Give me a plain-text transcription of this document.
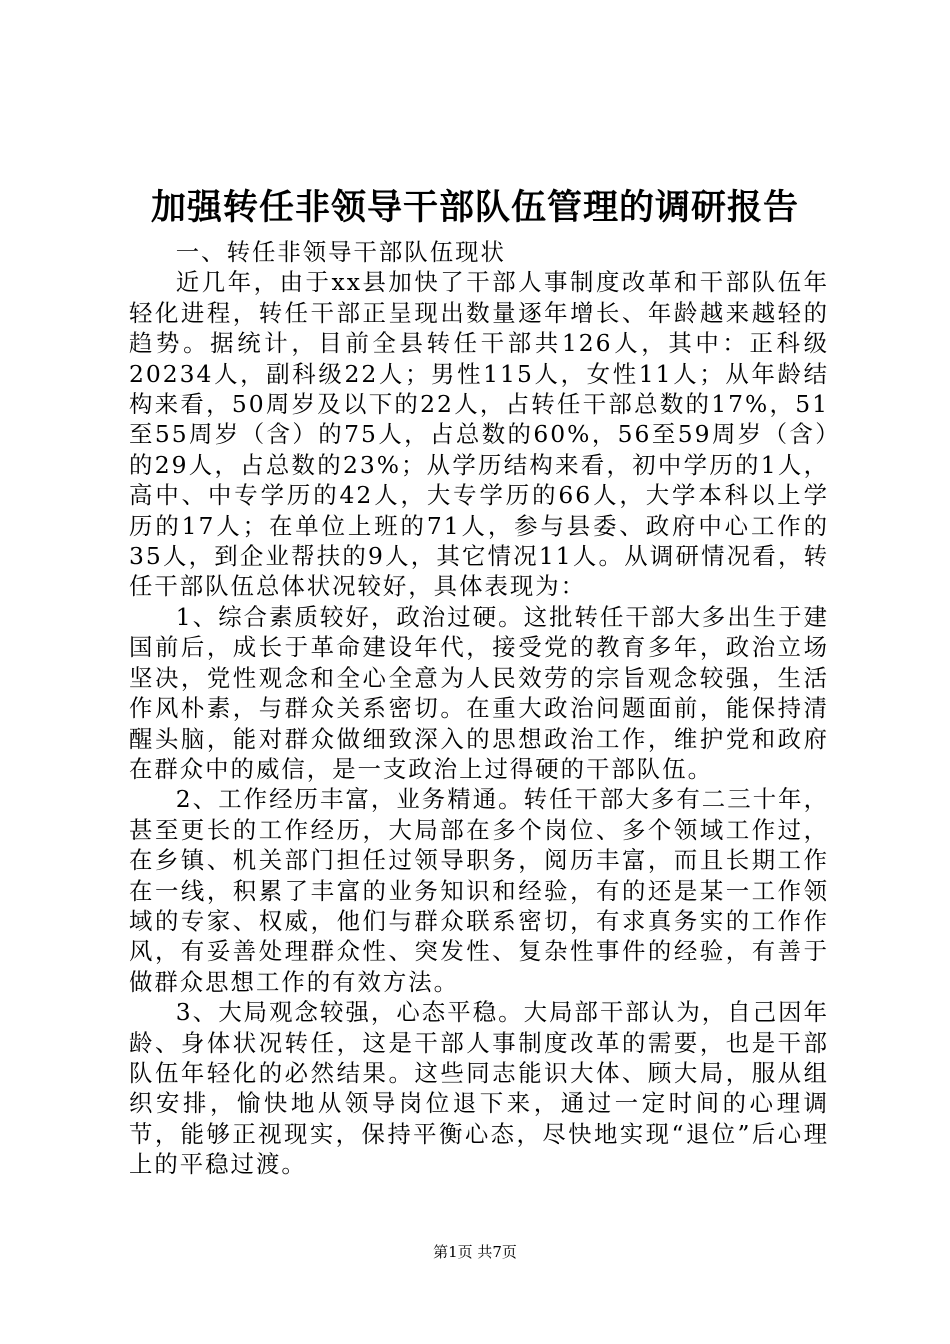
加强转任非领导干部队伍管理的调研报告

一、转任非领导干部队伍现状

近几年，由于xx县加快了干部人事制度改革和干部队伍年轻化进程，转任干部正呈现出数量逐年增长、年龄越来越轻的趋势。据统计，目前全县转任干部共126人，其中：正科级20234人，副科级22人；男性115人，女性11人；从年龄结构来看，50周岁及以下的22人，占转任干部总数的17%，51至55周岁（含）的75人，占总数的60%，56至59周岁（含）的29人，占总数的23%；从学历结构来看，初中学历的1人，高中、中专学历的42人，大专学历的66人，大学本科以上学历的17人；在单位上班的71人，参与县委、政府中心工作的35人，到企业帮扶的9人，其它情况11人。从调研情况看，转任干部队伍总体状况较好，具体表现为：

1、综合素质较好，政治过硬。这批转任干部大多出生于建国前后，成长于革命建设年代，接受党的教育多年，政治立场坚决，党性观念和全心全意为人民效劳的宗旨观念较强，生活作风朴素，与群众关系密切。在重大政治问题面前，能保持清醒头脑，能对群众做细致深入的思想政治工作，维护党和政府在群众中的威信，是一支政治上过得硬的干部队伍。

2、工作经历丰富，业务精通。转任干部大多有二三十年，甚至更长的工作经历，大局部在多个岗位、多个领域工作过，在乡镇、机关部门担任过领导职务，阅历丰富，而且长期工作在一线，积累了丰富的业务知识和经验，有的还是某一工作领域的专家、权威，他们与群众联系密切，有求真务实的工作作风，有妥善处理群众性、突发性、复杂性事件的经验，有善于做群众思想工作的有效方法。

3、大局观念较强，心态平稳。大局部干部认为，自己因年龄、身体状况转任，这是干部人事制度改革的需要，也是干部队伍年轻化的必然结果。这些同志能识大体、顾大局，服从组织安排，愉快地从领导岗位退下来，通过一定时间的心理调节，能够正视现实，保持平衡心态，尽快地实现“退位”后心理上的平稳过渡。

第1页 共7页
